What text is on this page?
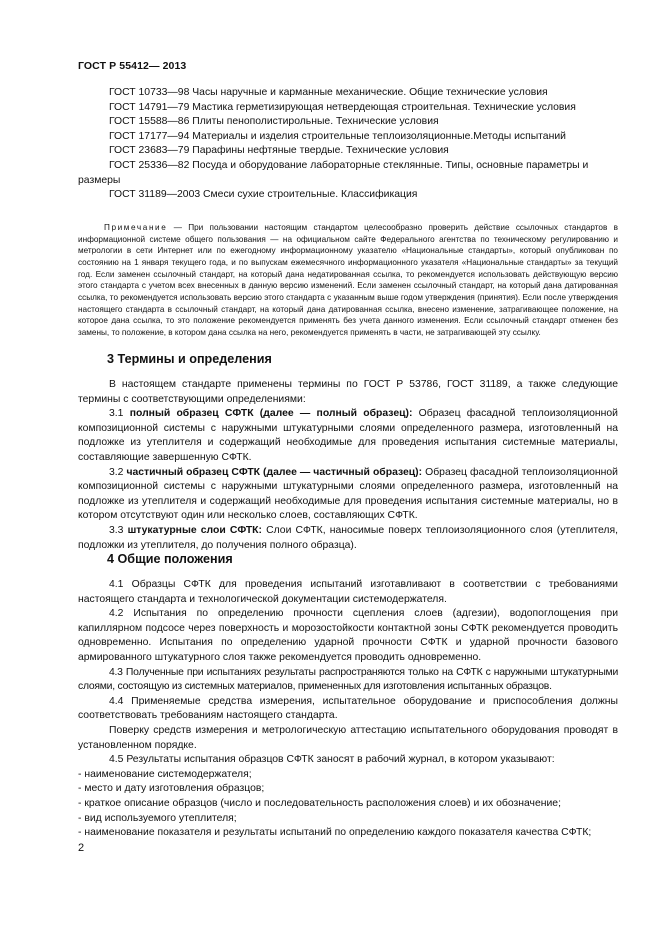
ГОСТ Р 55412— 2013
ГОСТ 10733—98 Часы наручные и карманные механические. Общие технические условия
ГОСТ 14791—79 Мастика герметизирующая нетвердеющая строительная. Технические условия
ГОСТ 15588—86 Плиты пенополистирольные. Технические условия
ГОСТ 17177—94 Материалы и изделия строительные теплоизоляционные.Методы испытаний
ГОСТ 23683—79 Парафины нефтяные твердые. Технические условия
ГОСТ 25336—82 Посуда и оборудование лабораторные стеклянные. Типы, основные параметры и размеры
ГОСТ 31189—2003 Смеси сухие строительные. Классификация
Примечание — При пользовании настоящим стандартом целесообразно проверить действие ссылочных стандартов в информационной системе общего пользования — на официальном сайте Федерального агентства по техническому регулированию и метрологии в сети Интернет или по ежегодному информационному указателю «Национальные стандарты», который опубликован по состоянию на 1 января текущего года, и по выпускам ежемесячного информационного указателя «Национальные стандарты» за текущий год. Если заменен ссылочный стандарт, на который дана недатированная ссылка, то рекомендуется использовать действующую версию этого стандарта с учетом всех внесенных в данную версию изменений. Если заменен ссылочный стандарт, на который дана датированная ссылка, то рекомендуется использовать версию этого стандарта с указанным выше годом утверждения (принятия). Если после утверждения настоящего стандарта в ссылочный стандарт, на который дана датированная ссылка, внесено изменение, затрагивающее положение, на которое дана ссылка, то это положение рекомендуется применять без учета данного изменения. Если ссылочный стандарт отменен без замены, то положение, в котором дана ссылка на него, рекомендуется применять в части, не затрагивающей эту ссылку.
3 Термины и определения
В настоящем стандарте применены термины по ГОСТ Р 53786, ГОСТ 31189, а также следующие термины с соответствующими определениями:
3.1 полный образец СФТК (далее — полный образец): Образец фасадной теплоизоляционной композиционной системы с наружными штукатурными слоями определенного размера, изготовленный на подложке из утеплителя и содержащий необходимые для проведения испытания системные материалы, составляющие завершенную СФТК.
3.2 частичный образец СФТК (далее — частичный образец): Образец фасадной теплоизоляционной композиционной системы с наружными штукатурными слоями определенного размера, изготовленный на подложке из утеплителя и содержащий необходимые для проведения испытания системные материалы, но в котором отсутствуют один или несколько слоев, составляющих СФТК.
3.3 штукатурные слои СФТК: Слои СФТК, наносимые поверх теплоизоляционного слоя (утеплителя, подложки из утеплителя, до получения полного образца).
4 Общие положения
4.1 Образцы СФТК для проведения испытаний изготавливают в соответствии с требованиями настоящего стандарта и технологической документации системодержателя.
4.2 Испытания по определению прочности сцепления слоев (адгезии), водопоглощения при капиллярном подсосе через поверхность и морозостойкости контактной зоны СФТК рекомендуется проводить одновременно. Испытания по определению ударной прочности СФТК и ударной прочности базового армированного штукатурного слоя также рекомендуется проводить одновременно.
4.3 Полученные при испытаниях результаты распространяются только на СФТК с наружными штукатурными слоями, состоящую из системных материалов, примененных для изготовления испытанных образцов.
4.4 Применяемые средства измерения, испытательное оборудование и приспособления должны соответствовать требованиям настоящего стандарта.
Поверку средств измерения и метрологическую аттестацию испытательного оборудования проводят в установленном порядке.
4.5 Результаты испытания образцов СФТК заносят в рабочий журнал, в котором указывают:
- наименование системодержателя;
- место и дату изготовления образцов;
- краткое описание образцов (число и последовательность расположения слоев) и их обозначение;
- вид используемого утеплителя;
- наименование показателя и результаты испытаний по определению каждого показателя качества СФТК;
2
